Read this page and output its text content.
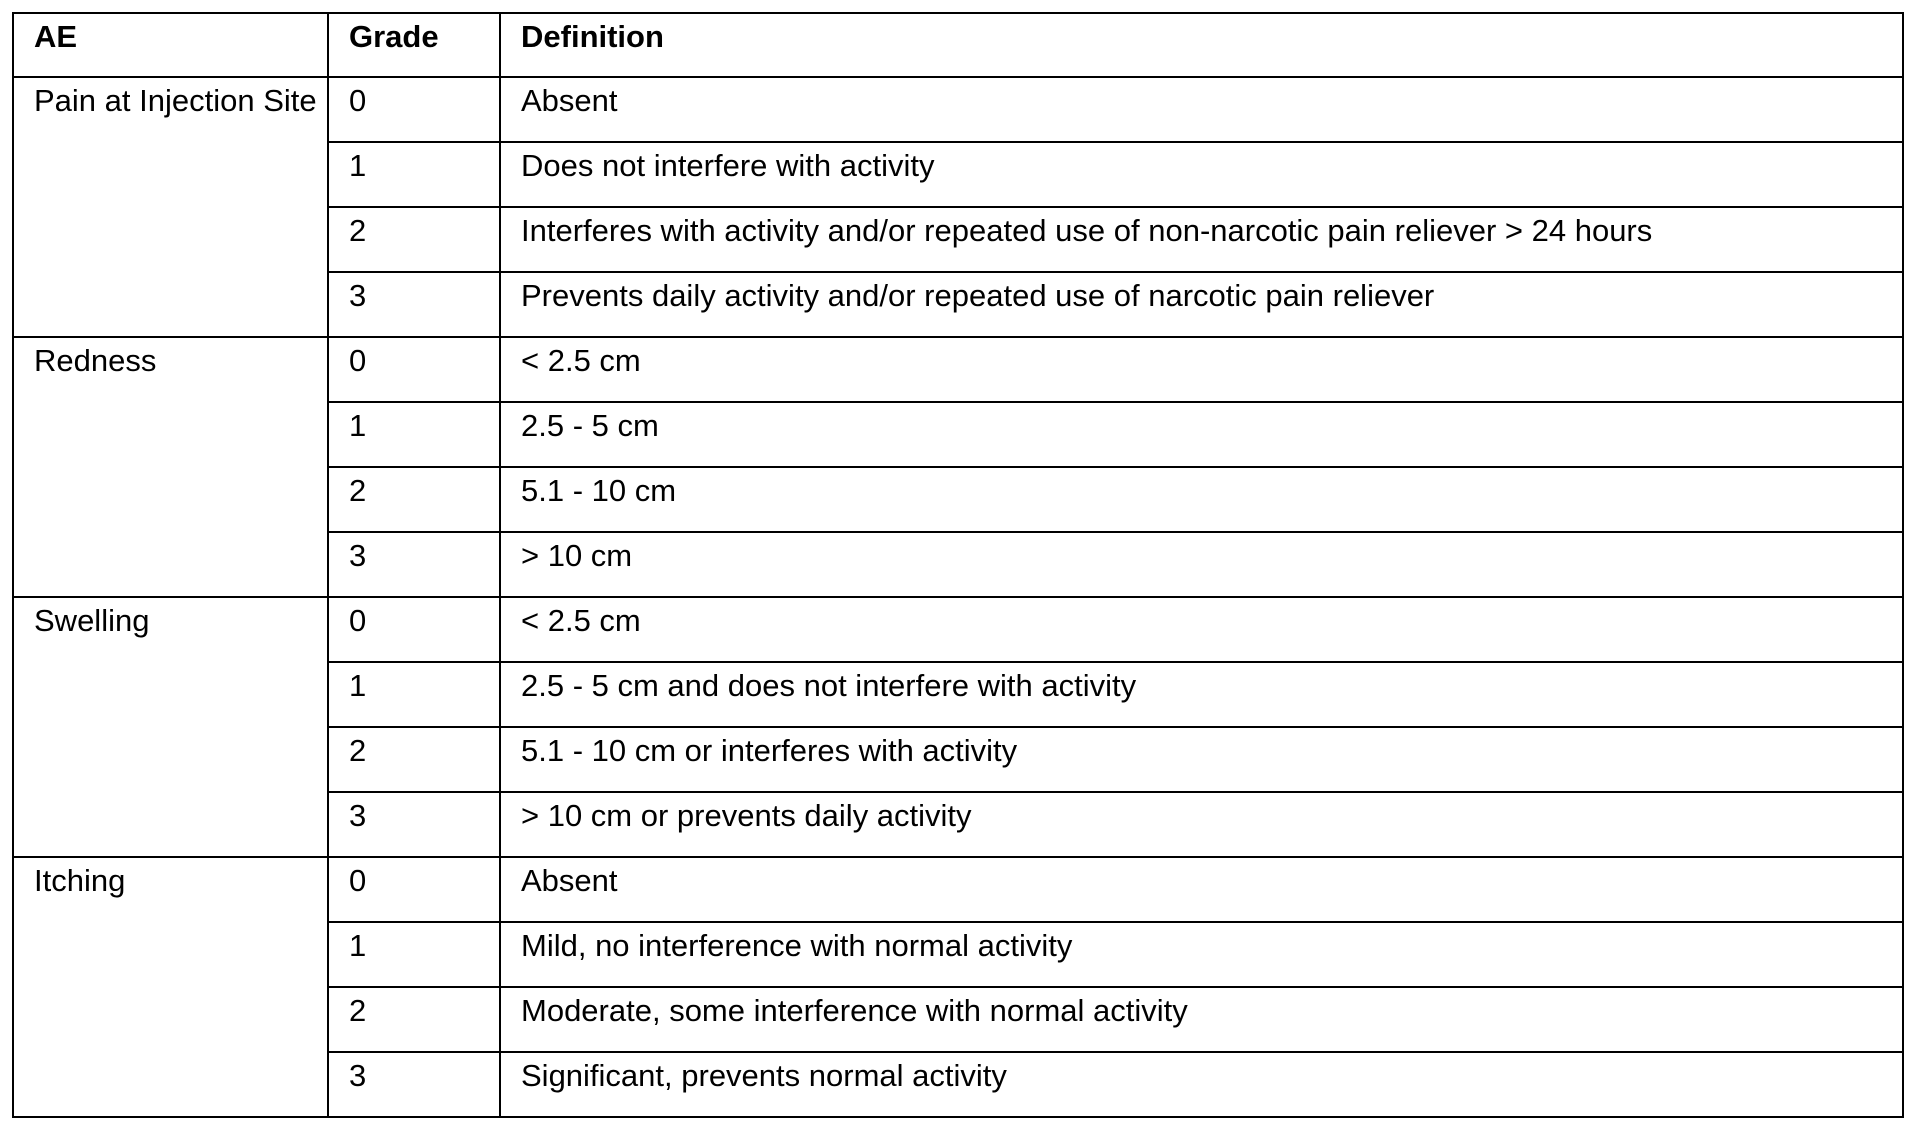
AE	Grade	Definition

Pain at Injection Site	0	Absent
1	Does not interfere with activity
2	Interferes with activity and/or repeated use of non-narcotic pain reliever > 24 hours
3	Prevents daily activity and/or repeated use of narcotic pain reliever

Redness	0	< 2.5 cm
1	2.5 - 5 cm
2	5.1 - 10 cm
3	> 10 cm

Swelling	0	< 2.5 cm
1	2.5 - 5 cm and does not interfere with activity
2	5.1 - 10 cm or interferes with activity
3	> 10 cm or prevents daily activity

Itching	0	Absent
1	Mild, no interference with normal activity
2	Moderate, some interference with normal activity
3	Significant, prevents normal activity
